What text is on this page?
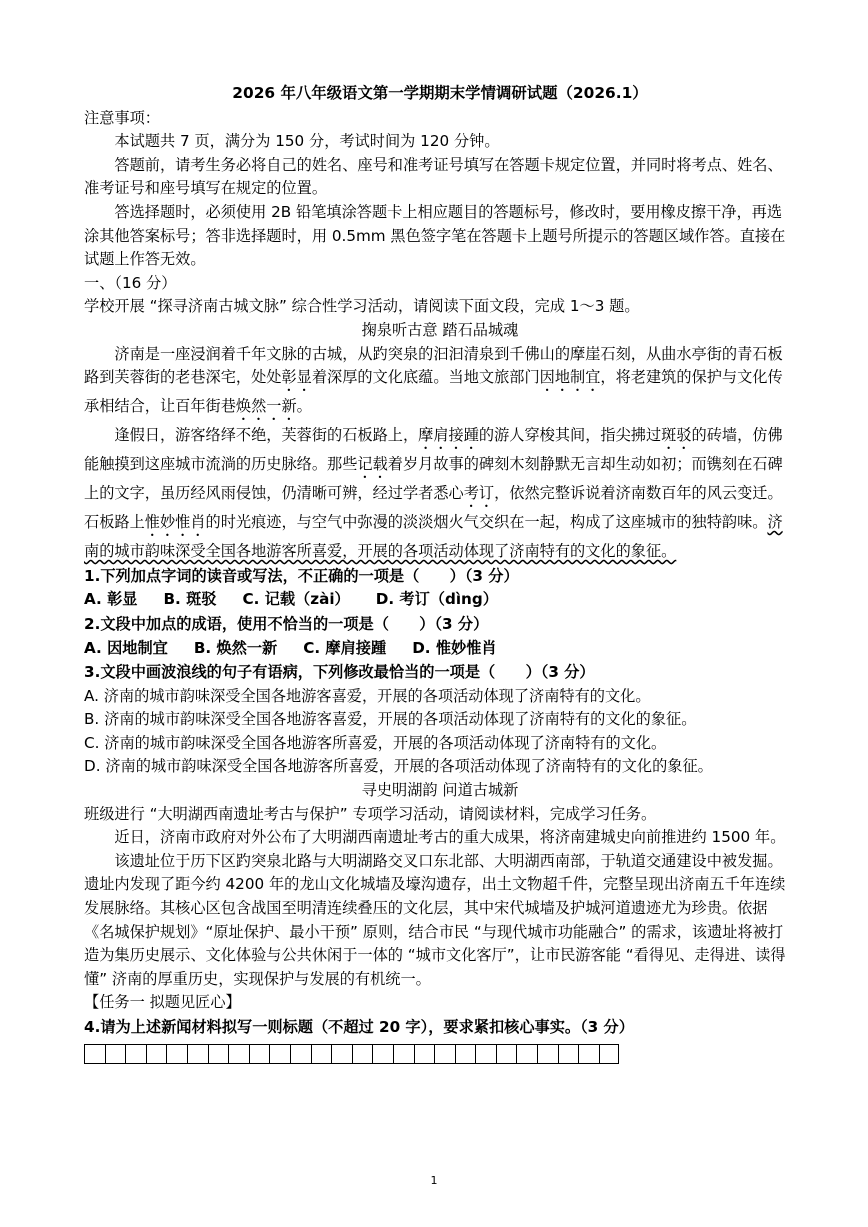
2026 年八年级语文第一学期期末学情调研试题（2026.1）

注意事项：

本试题共 7 页，满分为 150 分，考试时间为 120 分钟。

答题前，请考生务必将自己的姓名、座号和准考证号填写在答题卡规定位置，并同时将考点、姓名、准考证号和座号填写在规定的位置。

答选择题时，必须使用 2B 铅笔填涂答题卡上相应题目的答题标号，修改时，要用橡皮擦干净，再选涂其他答案标号；答非选择题时，用 0.5mm 黑色签字笔在答题卡上题号所提示的答题区域作答。直接在试题上作答无效。

一、（16 分）

学校开展 “探寻济南古城文脉” 综合性学习活动，请阅读下面文段，完成 1～3 题。

掬泉听古意 踏石品城魂

济南是一座浸润着千年文脉的古城，从趵突泉的汩汩清泉到千佛山的摩崖石刻，从曲水亭街的青石板路到芙蓉街的老巷深宅，处处彰显着深厚的文化底蕴。当地文旅部门因地制宜，将老建筑的保护与文化传承相结合，让百年街巷焕然一新。

逢假日，游客络绎不绝，芙蓉街的石板路上，摩肩接踵的游人穿梭其间，指尖拂过斑驳的砖墙，仿佛能触摸到这座城市流淌的历史脉络。那些记载着岁月故事的碑刻木刻静默无言却生动如初；而镌刻在石碑上的文字，虽历经风雨侵蚀，仍清晰可辨，经过学者悉心考订，依然完整诉说着济南数百年的风云变迁。石板路上惟妙惟肖的时光痕迹，与空气中弥漫的淡淡烟火气交织在一起，构成了这座城市的独特韵味。济南的城市韵味深受全国各地游客所喜爱，开展的各项活动体现了济南特有的文化的象征。

1.下列加点字词的读音或写法，不正确的一项是（　　）（3 分）

A. 彰显 B. 斑驳 C. 记载（zài） D. 考订（dìng）

2.文段中加点的成语，使用不恰当的一项是（　　）（3 分）

A. 因地制宜 B. 焕然一新 C. 摩肩接踵 D. 惟妙惟肖

3.文段中画波浪线的句子有语病，下列修改最恰当的一项是（　　）（3 分）

A. 济南的城市韵味深受全国各地游客喜爱，开展的各项活动体现了济南特有的文化。

B. 济南的城市韵味深受全国各地游客喜爱，开展的各项活动体现了济南特有的文化的象征。

C. 济南的城市韵味深受全国各地游客所喜爱，开展的各项活动体现了济南特有的文化。

D. 济南的城市韵味深受全国各地游客所喜爱，开展的各项活动体现了济南特有的文化的象征。

寻史明湖韵 问道古城新

班级进行 “大明湖西南遗址考古与保护” 专项学习活动，请阅读材料，完成学习任务。

近日，济南市政府对外公布了大明湖西南遗址考古的重大成果，将济南建城史向前推进约 1500 年。

该遗址位于历下区趵突泉北路与大明湖路交叉口东北部、大明湖西南部，于轨道交通建设中被发掘。遗址内发现了距今约 4200 年的龙山文化城墙及壕沟遗存，出土文物超千件，完整呈现出济南五千年连续发展脉络。其核心区包含战国至明清连续叠压的文化层，其中宋代城墙及护城河道遗迹尤为珍贵。依据《名城保护规划》“原址保护、最小干预” 原则，结合市民 “与现代城市功能融合” 的需求，该遗址将被打造为集历史展示、文化体验与公共休闲于一体的 “城市文化客厅”，让市民游客能 “看得见、走得进、读得懂” 济南的厚重历史，实现保护与发展的有机统一。

【任务一 拟题见匠心】

4.请为上述新闻材料拟写一则标题（不超过 20 字），要求紧扣核心事实。（3 分）

1
